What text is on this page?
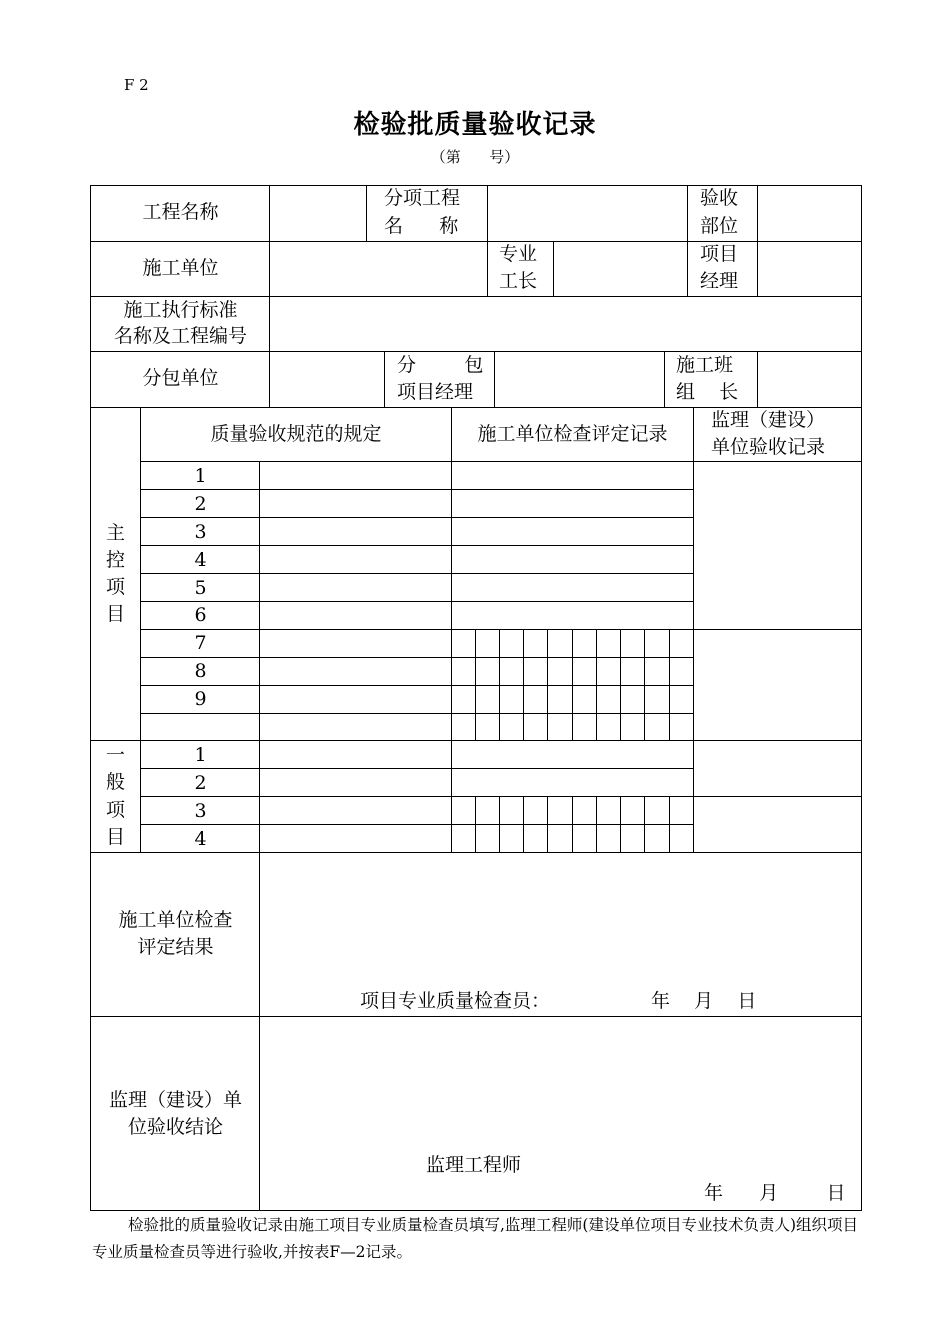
F 2
检验批质量验收记录
（第      号）
工程名称
分项工程
名      称
验收
部位
施工单位
专业
工长
项目
经理
施工执行标准
名称及工程编号
分包单位
分        包
项目经理
施工班
组    长
质量验收规范的规定	施工单位检查评定记录
监理（建设）
单位验收记录
主
控
项
目
1
2
3
4
5
6
7
8
9
一
般
项
目
1
2
3
4
施工单位检查
评定结果
项目专业质量检查员：	年    月    日
监理（建设）单
位验收结论
监理工程师
年      月        日
检验批的质量验收记录由施工项目专业质量检查员填写,监理工程师(建设单位项目专业技术负责人)组织项目专业质量检查员等进行验收,并按表F—2记录。
